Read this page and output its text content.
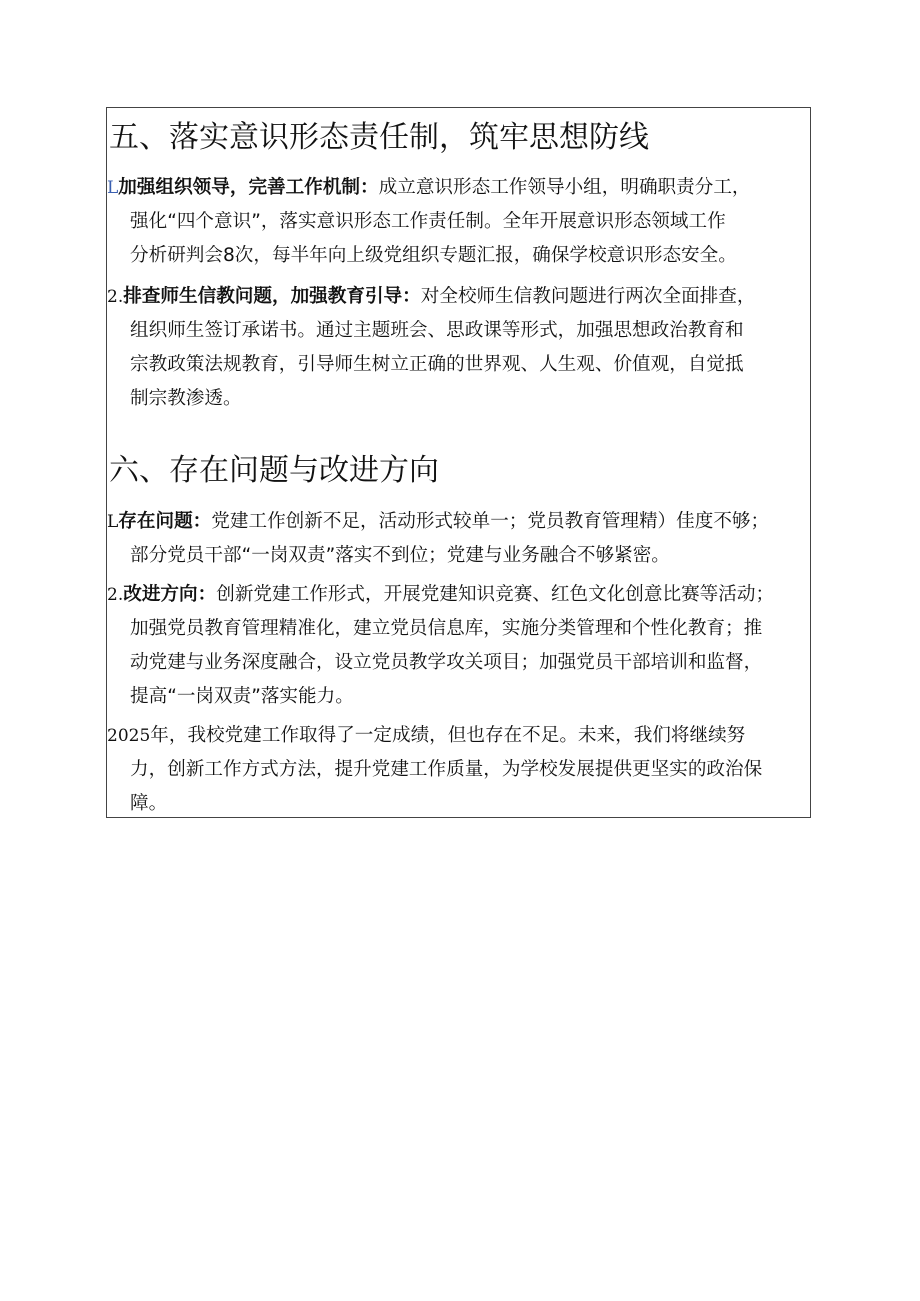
五、落实意识形态责任制，筑牢思想防线
L加强组织领导，完善工作机制：成立意识形态工作领导小组，明确职责分工，
强化“四个意识”，落实意识形态工作责任制。全年开展意识形态领域工作
分析研判会8次，每半年向上级党组织专题汇报，确保学校意识形态安全。
2.排查师生信教问题，加强教育引导：对全校师生信教问题进行两次全面排查，
组织师生签订承诺书。通过主题班会、思政课等形式，加强思想政治教育和
宗教政策法规教育，引导师生树立正确的世界观、人生观、价值观，自觉抵
制宗教渗透。
六、存在问题与改进方向
L存在问题：党建工作创新不足，活动形式较单一；党员教育管理精）佳度不够；
部分党员干部“一岗双责”落实不到位；党建与业务融合不够紧密。
2.改进方向：创新党建工作形式，开展党建知识竞赛、红色文化创意比赛等活动；
加强党员教育管理精准化，建立党员信息库，实施分类管理和个性化教育；推
动党建与业务深度融合，设立党员教学攻关项目；加强党员干部培训和监督，
提高“一岗双责”落实能力。
2025年，我校党建工作取得了一定成绩，但也存在不足。未来，我们将继续努
力，创新工作方式方法，提升党建工作质量，为学校发展提供更坚实的政治保
障。
